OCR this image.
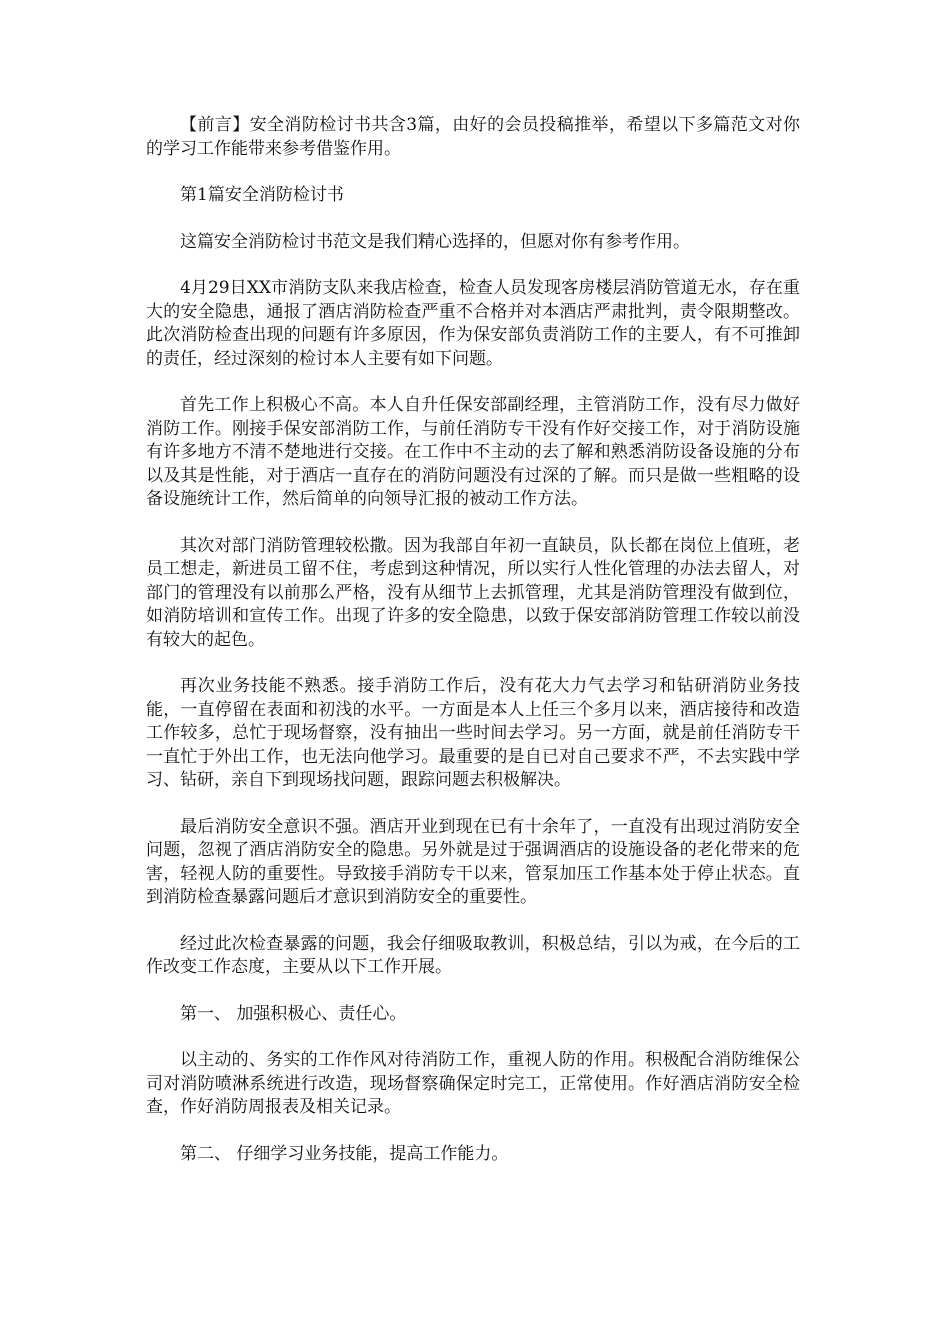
【前言】安全消防检讨书共含3篇，由好的会员投稿推举，希望以下多篇范文对你的学习工作能带来参考借鉴作用。

第1篇安全消防检讨书

这篇安全消防检讨书范文是我们精心选择的，但愿对你有参考作用。

4月29日XX市消防支队来我店检查，检查人员发现客房楼层消防管道无水，存在重大的安全隐患，通报了酒店消防检查严重不合格并对本酒店严肃批判，责令限期整改。此次消防检查出现的问题有许多原因，作为保安部负责消防工作的主要人，有不可推卸的责任，经过深刻的检讨本人主要有如下问题。

首先工作上积极心不高。本人自升任保安部副经理，主管消防工作，没有尽力做好消防工作。刚接手保安部消防工作，与前任消防专干没有作好交接工作，对于消防设施有许多地方不清不楚地进行交接。在工作中不主动的去了解和熟悉消防设备设施的分布以及其是性能，对于酒店一直存在的消防问题没有过深的了解。而只是做一些粗略的设备设施统计工作，然后简单的向领导汇报的被动工作方法。

其次对部门消防管理较松撒。因为我部自年初一直缺员，队长都在岗位上值班，老员工想走，新进员工留不住，考虑到这种情况，所以实行人性化管理的办法去留人，对部门的管理没有以前那么严格，没有从细节上去抓管理，尤其是消防管理没有做到位，如消防培训和宣传工作。出现了许多的安全隐患，以致于保安部消防管理工作较以前没有较大的起色。

再次业务技能不熟悉。接手消防工作后，没有花大力气去学习和钻研消防业务技能，一直停留在表面和初浅的水平。一方面是本人上任三个多月以来，酒店接待和改造工作较多，总忙于现场督察，没有抽出一些时间去学习。另一方面，就是前任消防专干一直忙于外出工作，也无法向他学习。最重要的是自已对自己要求不严，不去实践中学习、钻研，亲自下到现场找问题，跟踪问题去积极解决。

最后消防安全意识不强。酒店开业到现在已有十余年了，一直没有出现过消防安全问题，忽视了酒店消防安全的隐患。另外就是过于强调酒店的设施设备的老化带来的危害，轻视人防的重要性。导致接手消防专干以来，管泵加压工作基本处于停止状态。直到消防检查暴露问题后才意识到消防安全的重要性。

经过此次检查暴露的问题，我会仔细吸取教训，积极总结，引以为戒，在今后的工作改变工作态度，主要从以下工作开展。

第一、 加强积极心、责任心。

以主动的、务实的工作作风对待消防工作，重视人防的作用。积极配合消防维保公司对消防喷淋系统进行改造，现场督察确保定时完工，正常使用。作好酒店消防安全检查，作好消防周报表及相关记录。

第二、 仔细学习业务技能，提高工作能力。
